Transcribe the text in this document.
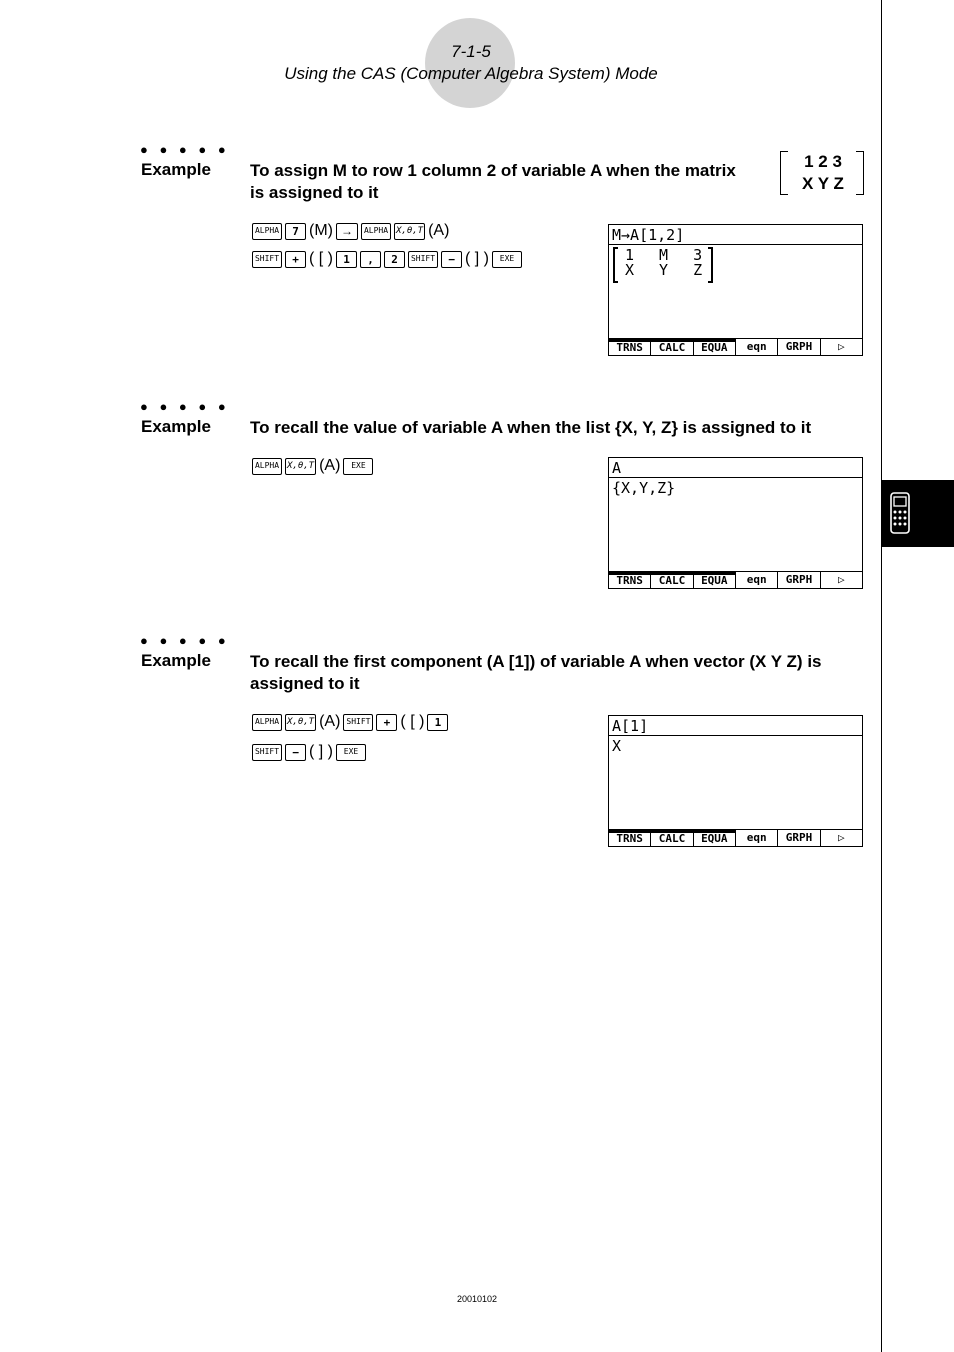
7-1-5
Using the CAS (Computer Algebra System) Mode
● ● ● ● ●
Example To assign M to row 1 column 2 of variable A when the matrix
is assigned to it
ALPHA	7 (M) →	ALPHA X,θ,T (A)
SHIFT	+ ( [ ) 1	,	2	SHIFT	− ( ] )	EXE
1 2 3
X Y Z
M→A[1,2]
1 M 3
X Y Z
TRNS	CALC	EQUA	eqn	GRPH	▷
● ● ● ● ●
Example To recall the value of variable A when the list {X, Y, Z} is assigned to it
ALPHA X,θ,T (A)	EXE	A
{X,Y,Z}
TRNS	CALC	EQUA	eqn	GRPH	▷
● ● ● ● ●
Example To recall the first component (A [1]) of variable A when vector (X Y Z) is
assigned to it
ALPHA X,θ,T (A) SHIFT	+ ( [ ) 1
SHIFT	− ( ] )	EXE
A[1]
X
TRNS	CALC	EQUA	eqn	GRPH	▷
20010102
